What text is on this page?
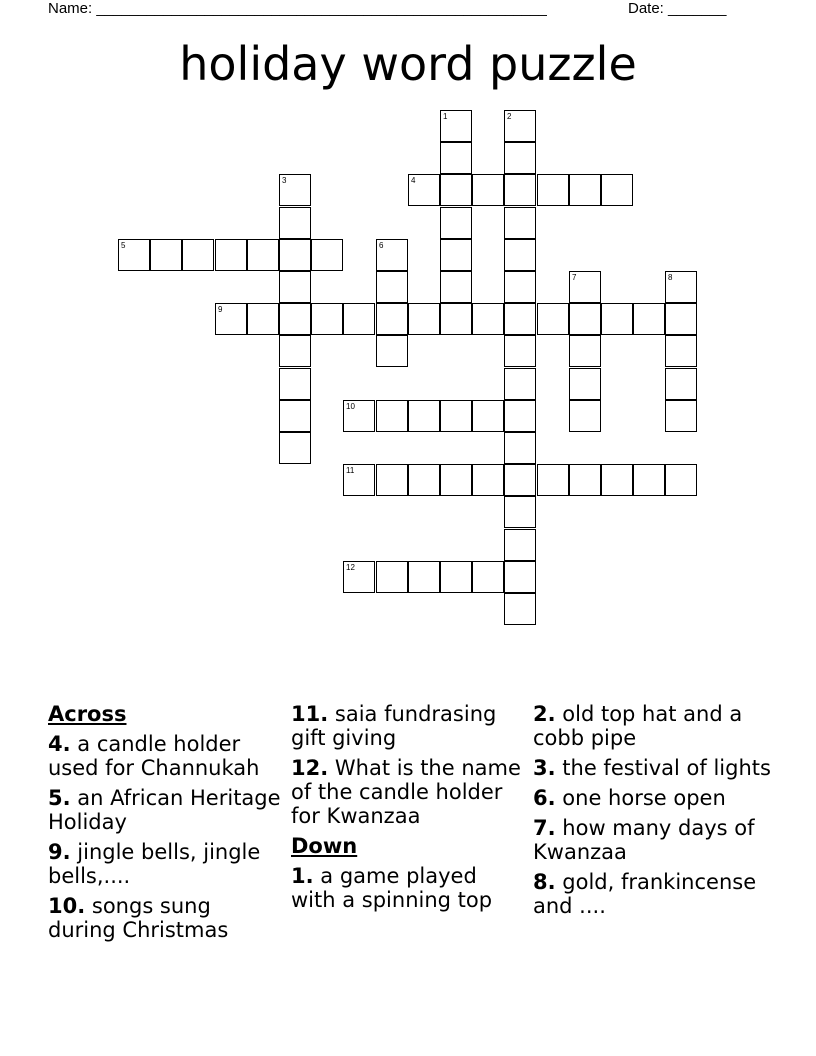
Name: ______________________________________________________	Date: _______
holiday word puzzle
4
5
9
10
11
12
1	2
3
6
7	8
Across
4. a candle holder used for Channukah
5. an African Heritage Holiday
9. jingle bells, jingle bells,....
10. songs sung during Christmas
11. saia fundrasing gift giving
12. What is the name of the candle holder for Kwanzaa
Down
1. a game played with a spinning top
2. old top hat and a cobb pipe
3. the festival of lights
6. one horse open
7. how many days of Kwanzaa
8. gold, frankincense and ....
